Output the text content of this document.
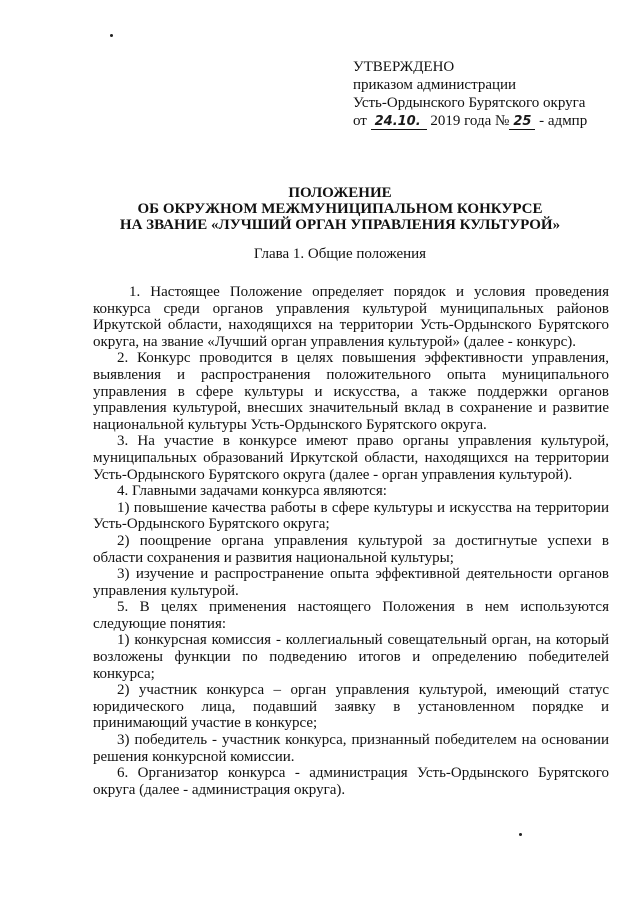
УТВЕРЖДЕНО
приказом администрации
Усть-Ордынского Бурятского округа
от 24.10. 2019 года № 25 - адмпр
ПОЛОЖЕНИЕ
ОБ ОКРУЖНОМ МЕЖМУНИЦИПАЛЬНОМ КОНКУРСЕ
НА ЗВАНИЕ «ЛУЧШИЙ ОРГАН УПРАВЛЕНИЯ КУЛЬТУРОЙ»
Глава 1. Общие положения
1. Настоящее Положение определяет порядок и условия проведения конкурса среди органов управления культурой муниципальных районов Иркутской области, находящихся на территории Усть-Ордынского Бурятского округа, на звание «Лучший орган управления культурой» (далее - конкурс).
2. Конкурс проводится в целях повышения эффективности управления, выявления и распространения положительного опыта муниципального управления в сфере культуры и искусства, а также поддержки органов управления культурой, внесших значительный вклад в сохранение и развитие национальной культуры Усть-Ордынского Бурятского округа.
3. На участие в конкурсе имеют право органы управления культурой, муниципальных образований Иркутской области, находящихся на территории Усть-Ордынского Бурятского округа (далее - орган управления культурой).
4. Главными задачами конкурса являются:
1) повышение качества работы в сфере культуры и искусства на территории Усть-Ордынского Бурятского округа;
2) поощрение органа управления культурой за достигнутые успехи в области сохранения и развития национальной культуры;
3) изучение и распространение опыта эффективной деятельности органов управления культурой.
5. В целях применения настоящего Положения в нем используются следующие понятия:
1) конкурсная комиссия - коллегиальный совещательный орган, на который возложены функции по подведению итогов и определению победителей конкурса;
2) участник конкурса – орган управления культурой, имеющий статус юридического лица, подавший заявку в установленном порядке и принимающий участие в конкурсе;
3) победитель - участник конкурса, признанный победителем на основании решения конкурсной комиссии.
6. Организатор конкурса - администрация Усть-Ордынского Бурятского округа (далее - администрация округа).
